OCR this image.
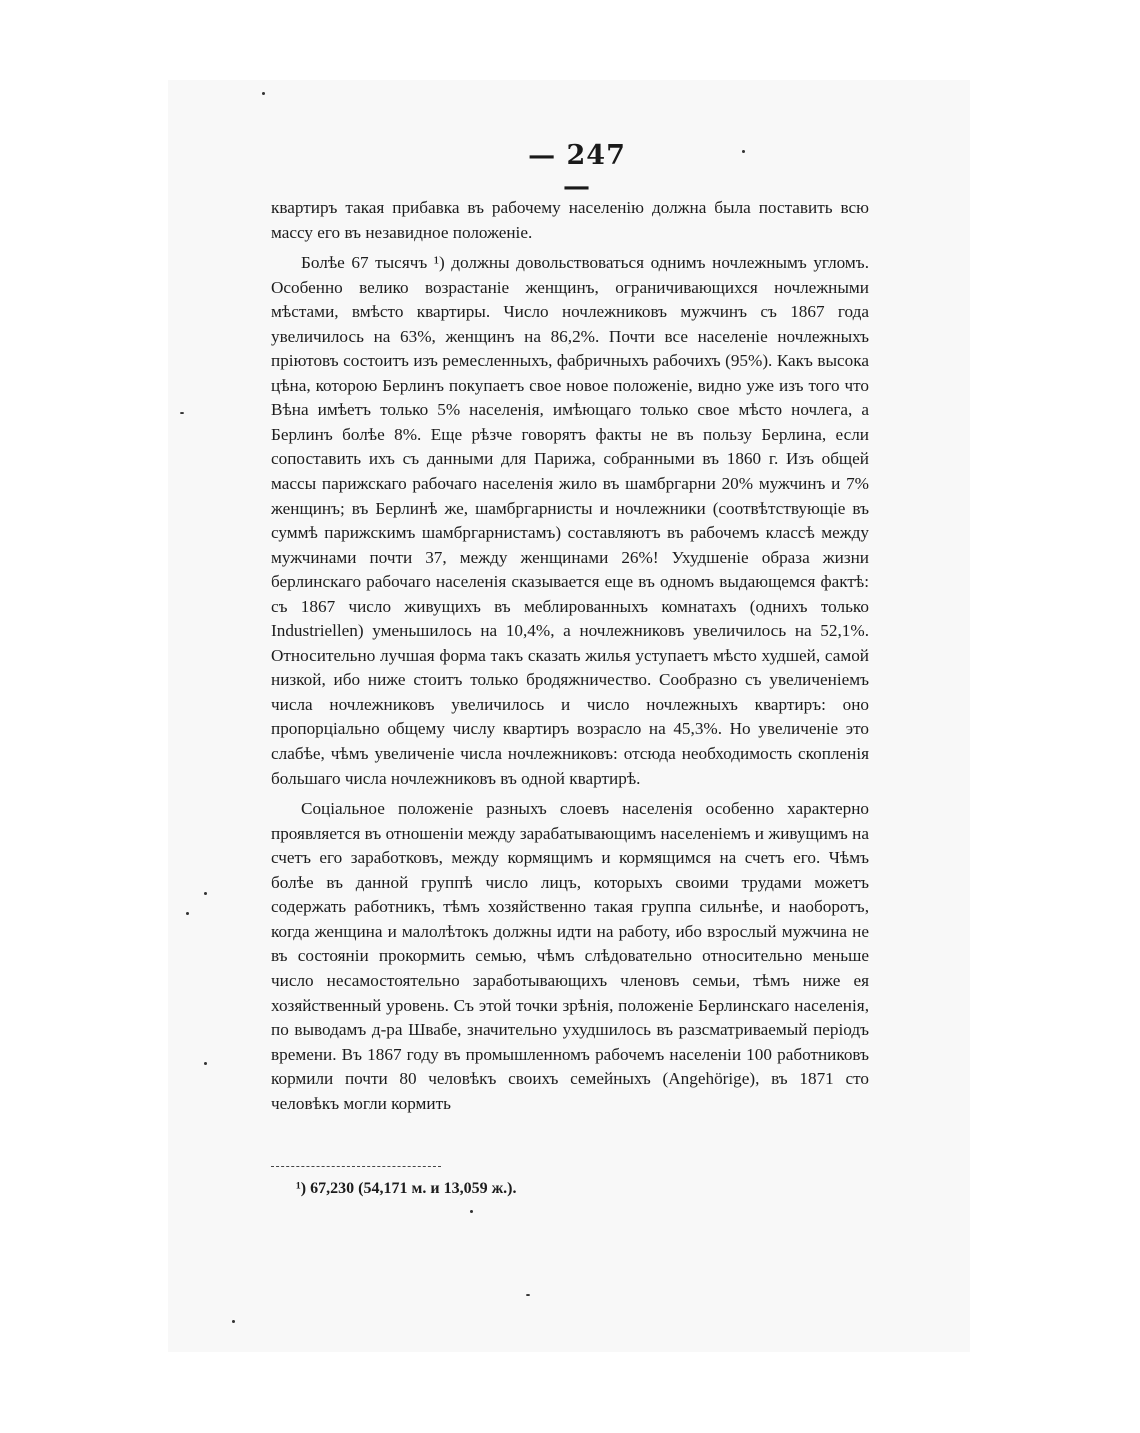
— 247 —

квартиръ такая прибавка въ рабочему населенію должна была поставить всю массу его въ незавидное положеніе.

Болѣе 67 тысячъ ¹) должны довольствоваться однимъ ночлежнымъ угломъ. Особенно велико возрастаніе женщинъ, ограничивающихся ночлежными мѣстами, вмѣсто квартиры. Число ночлежниковъ мужчинъ съ 1867 года увеличилось на 63%, женщинъ на 86,2%. Почти все населеніе ночлежныхъ пріютовъ состоитъ изъ ремесленныхъ, фабричныхъ рабочихъ (95%). Какъ высока цѣна, которою Берлинъ покупаетъ свое новое положеніе, видно уже изъ того что Вѣна имѣетъ только 5% населенія, имѣющаго только свое мѣсто ночлега, а Берлинъ болѣе 8%. Еще рѣзче говорятъ факты не въ пользу Берлина, если сопоставить ихъ съ данными для Парижа, собранными въ 1860 г. Изъ общей массы парижскаго рабочаго населенія жило въ шамбргарни 20% мужчинъ и 7% женщинъ; въ Берлинѣ же, шамбргарнисты и ночлежники (соотвѣтствующіе въ суммѣ парижскимъ шамбргарнистамъ) составляютъ въ рабочемъ классѣ между мужчинами почти 37, между женщинами 26%! Ухудшеніе образа жизни берлинскаго рабочаго населенія сказывается еще въ одномъ выдающемся фактѣ: съ 1867 число живущихъ въ меблированныхъ комнатахъ (однихъ только Industriellen) уменьшилось на 10,4%, а ночлежниковъ увеличилось на 52,1%. Относительно лучшая форма такъ сказать жилья уступаетъ мѣсто худшей, самой низкой, ибо ниже стоитъ только бродяжничество. Сообразно съ увеличеніемъ числа ночлежниковъ увеличилось и число ночлежныхъ квартиръ: оно пропорціально общему числу квартиръ возрасло на 45,3%. Но увеличеніе это слабѣе, чѣмъ увеличеніе числа ночлежниковъ: отсюда необходимость скопленія большаго числа ночлежниковъ въ одной квартирѣ.

Соціальное положеніе разныхъ слоевъ населенія особенно характерно проявляется въ отношеніи между зарабатывающимъ населеніемъ и живущимъ на счетъ его заработковъ, между кормящимъ и кормящимся на счетъ его. Чѣмъ болѣе въ данной группѣ число лицъ, которыхъ своими трудами можетъ содержать работникъ, тѣмъ хозяйственно такая группа сильнѣе, и наоборотъ, когда женщина и малолѣтокъ должны идти на работу, ибо взрослый мужчина не въ состояніи прокормить семью, чѣмъ слѣдовательно относительно меньше число несамостоятельно заработывающихъ членовъ семьи, тѣмъ ниже ея хозяйственный уровень. Съ этой точки зрѣнія, положеніе Берлинскаго населенія, по выводамъ д-ра Швабе, значительно ухудшилось въ разсматриваемый періодъ времени. Въ 1867 году въ промышленномъ рабочемъ населеніи 100 работниковъ кормили почти 80 человѣкъ своихъ семейныхъ (Angehörige), въ 1871 сто человѣкъ могли кормить

¹) 67,230 (54,171 м. и 13,059 ж.).
